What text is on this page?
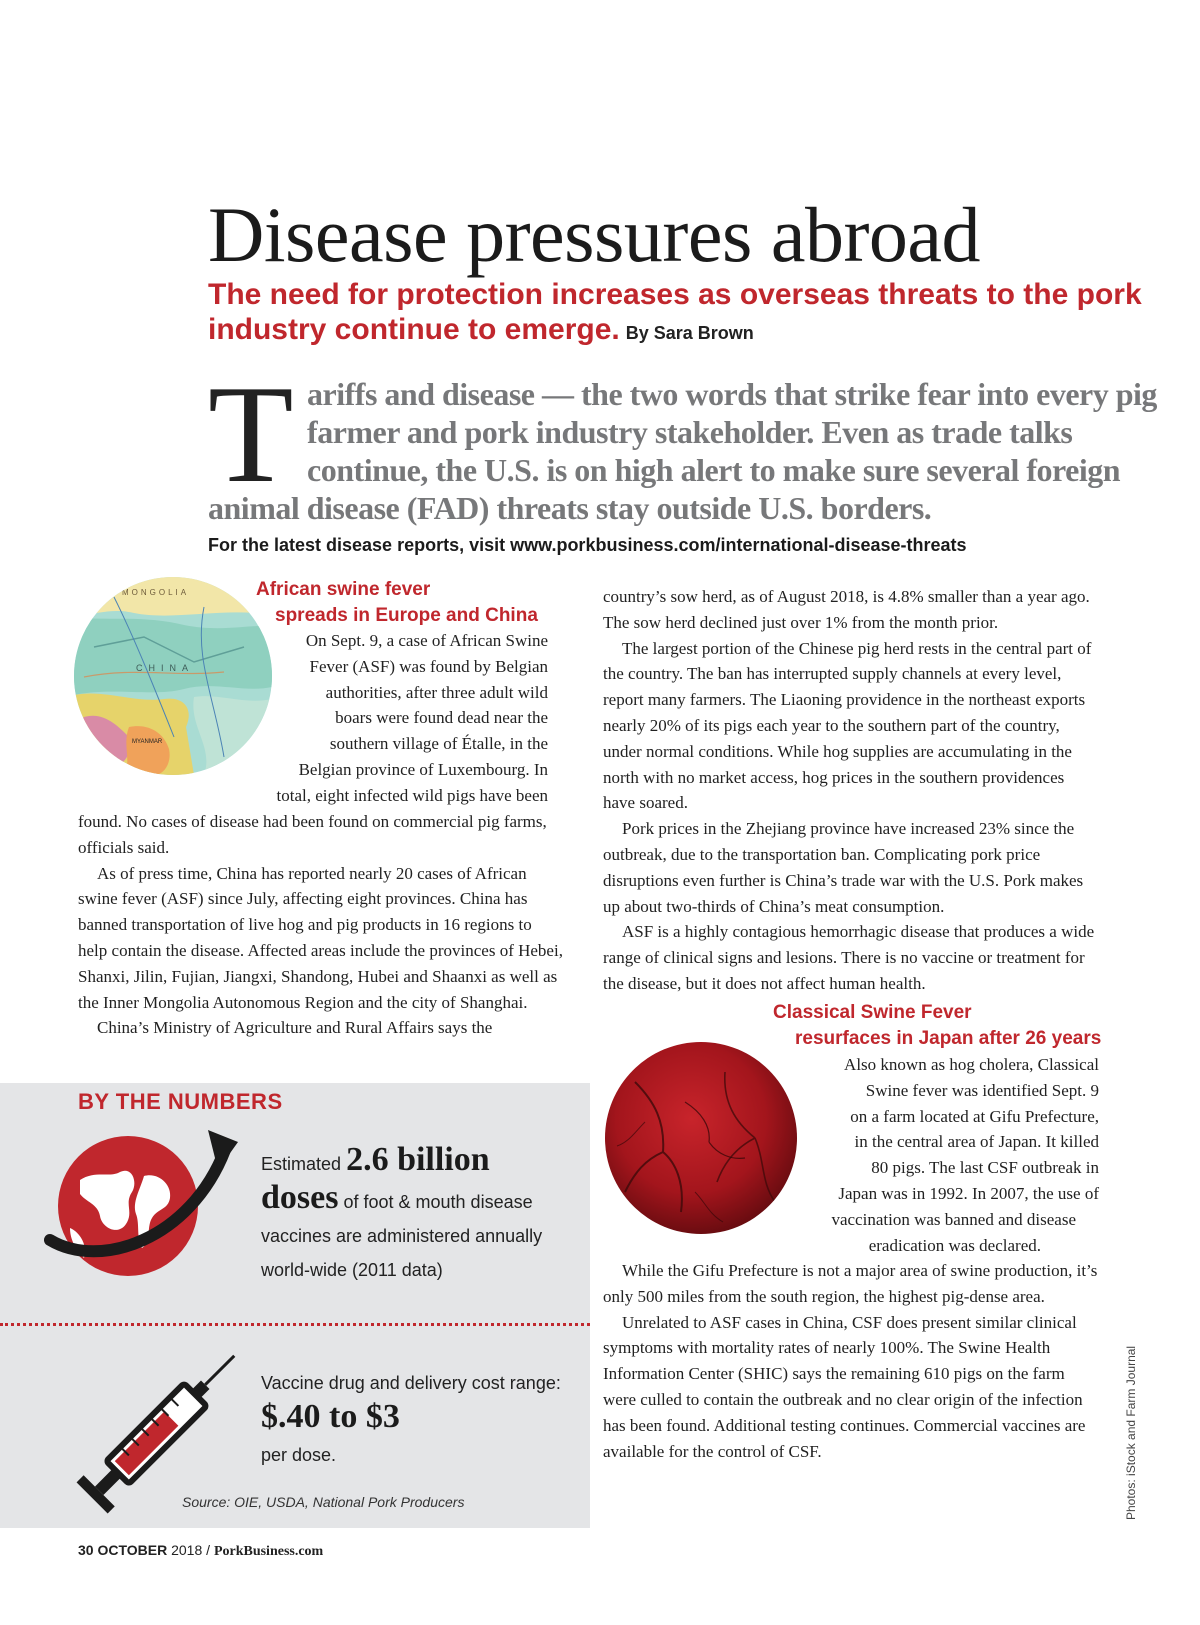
Disease pressures abroad

The need for protection increases as overseas threats to the pork industry continue to emerge. By Sara Brown

Tariffs and disease — the two words that strike fear into every pig farmer and pork industry stakeholder. Even as trade talks continue, the U.S. is on high alert to make sure several foreign animal disease (FAD) threats stay outside U.S. borders.

For the latest disease reports, visit www.porkbusiness.com/international-disease-threats

MONGOLIA
CHINA
MYANMAR

African swine fever

spreads in Europe and China

On Sept. 9, a case of African Swine

Fever (ASF) was found by Belgian

authorities, after three adult wild

boars were found dead near the

southern village of Étalle, in the

Belgian province of Luxembourg. In

total, eight infected wild pigs have been

found. No cases of disease had been found on commercial pig farms, officials said.

As of press time, China has reported nearly 20 cases of African swine fever (ASF) since July, affecting eight provinces. China has banned transportation of live hog and pig products in 16 regions to help contain the disease. Affected areas include the provinces of Hebei, Shanxi, Jilin, Fujian, Jiangxi, Shandong, Hubei and Shaanxi as well as the Inner Mongolia Autonomous Region and the city of Shanghai.

China’s Ministry of Agriculture and Rural Affairs says the

country’s sow herd, as of August 2018, is 4.8% smaller than a year ago. The sow herd declined just over 1% from the month prior.

The largest portion of the Chinese pig herd rests in the central part of the country. The ban has interrupted supply channels at every level, report many farmers. The Liaoning providence in the northeast exports nearly 20% of its pigs each year to the southern part of the country, under normal conditions. While hog supplies are accumulating in the north with no market access, hog prices in the southern providences have soared.

Pork prices in the Zhejiang province have increased 23% since the outbreak, due to the transportation ban. Complicating pork price disruptions even further is China’s trade war with the U.S. Pork makes up about two-thirds of China’s meat consumption.

ASF is a highly contagious hemorrhagic disease that produces a wide range of clinical signs and lesions. There is no vaccine or treatment for the disease, but it does not affect human health.

Classical Swine Fever

resurfaces in Japan after 26 years

Also known as hog cholera, Classical

Swine fever was identified Sept. 9

on a farm located at Gifu Prefecture,

in the central area of Japan. It killed

80 pigs. The last CSF outbreak in

Japan was in 1992. In 2007, the use of

vaccination was banned and disease

eradication was declared.

While the Gifu Prefecture is not a major area of swine production, it’s only 500 miles from the south region, the highest pig-dense area.

Unrelated to ASF cases in China, CSF does present similar clinical symptoms with mortality rates of nearly 100%. The Swine Health Information Center (SHIC) says the remaining 610 pigs on the farm were culled to contain the outbreak and no clear origin of the infection has been found. Additional testing continues. Commercial vaccines are available for the control of CSF.

BY THE NUMBERS

Estimated 2.6 billion
doses of foot & mouth disease vaccines are administered annually world-wide (2011 data)

Vaccine drug and delivery cost range: $.40 to $3
per dose.

Source: OIE, USDA, National Pork Producers

30 OCTOBER 2018 / PorkBusiness.com

Photos: iStock and Farm Journal
